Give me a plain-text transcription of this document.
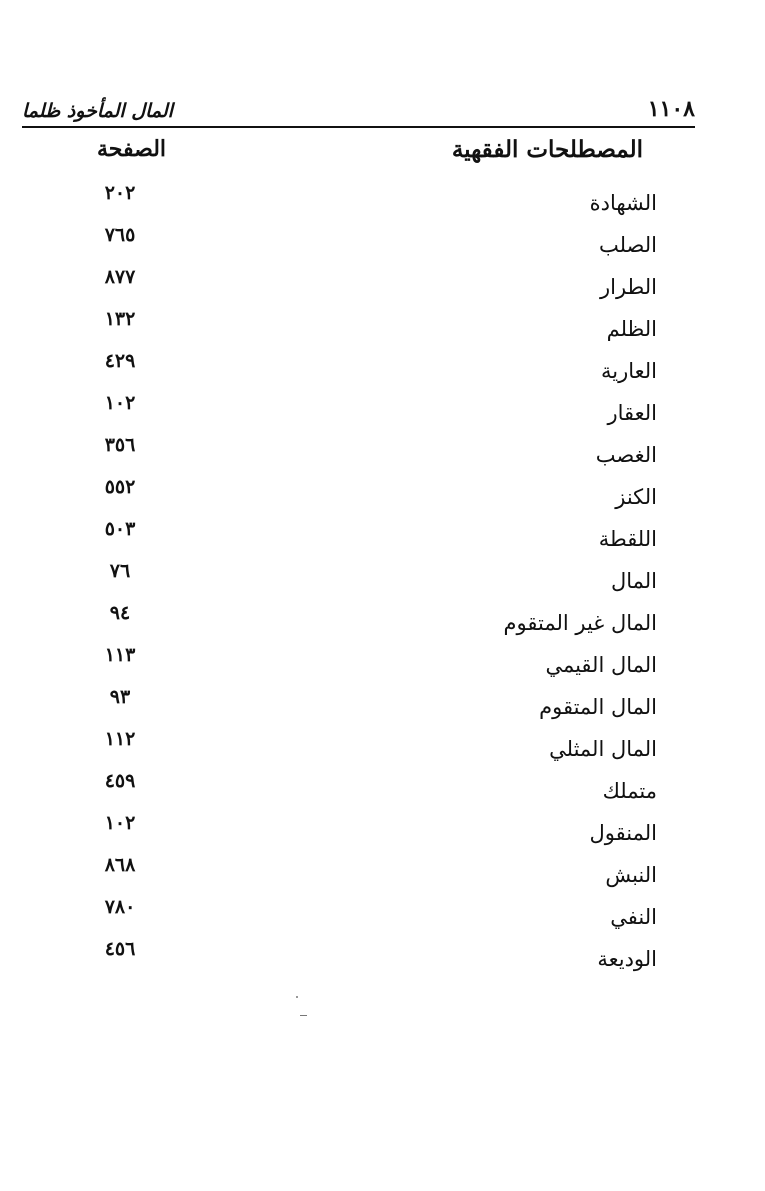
المال المأخوذ ظلما	١١٠٨
المصطلحات الفقهية
الصفحة
٢٠٢	الشهادة
٧٦٥	الصلب
٨٧٧	الطرار
١٣٢	الظلم
٤٢٩	العارية
١٠٢	العقار
٣٥٦	الغصب
٥٥٢	الكنز
٥٠٣	اللقطة
٧٦	المال
٩٤	المال غير المتقوم
١١٣	المال القيمي
٩٣	المال المتقوم
١١٢	المال المثلي
٤٥٩	متملك
١٠٢	المنقول
٨٦٨	النبش
٧٨٠	النفي
٤٥٦	الوديعة
